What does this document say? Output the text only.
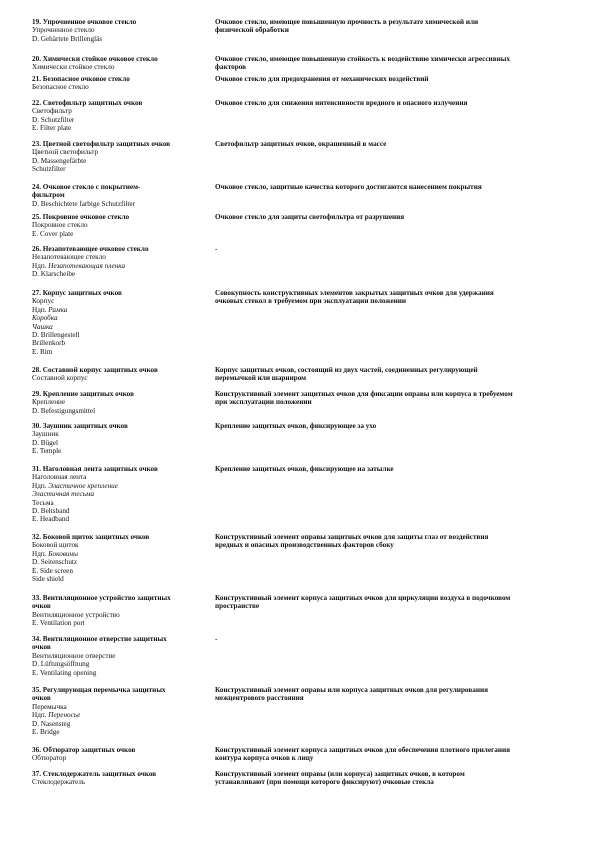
19. Упрочненное очковое стекло
Упрочненное стекло
D. Gehärtete Brillengläs
Очковое стекло, имеющее повышенную прочность в результате химической или
физической обработки
20. Химически стойкое очковое стекло
Химически стойкое стекло
Очковое стекло, имеющее повышенную стойкость к воздействию химически агрессивных
факторов
21. Безопасное очковое стекло
Безопасное стекло
Очковое стекло для предохранения от механических воздействий
22. Светофильтр защитных очков
Светофильтр
D. Schutzfilter
E. Filter plate
Очковое стекло для снижения интенсивности вредного и опасного излучения
23. Цветной светофильтр защитных очков
Цветной светофильтр
D. Massengefärbte
Schutzfilter
Светофильтр защитных очков, окрашенный в массе
24. Очковое стекло с покрытием-
фильтром
D. Beschichtete farbige Schutzfilter
Очковое стекло, защитные качества которого достигаются нанесением покрытия
25. Покровное очковое стекло
Покровное стекло
E. Cover plate
Очковое стекло для защиты светофильтра от разрушения
26. Незапотевающее очковое стекло
Незапотевающее стекло
Ндп. Незапотевающая пленка
D. Klarscheibe
-
27. Корпус защитных очков
Корпус
Ндп. Рамка
Коробка
Чашка
D. Brillengestell
Brillenkorb
E. Rim
Совокупность конструктивных элементов закрытых защитных очков для удержания
очковых стекол в требуемом при эксплуатации положении
28. Составной корпус защитных очков
Составной корпус
Корпус защитных очков, состоящий из двух частей, соединенных регулирующей
перемычкой или шарниром
29. Крепление защитных очков
Крепление
D. Befestigungsmittel
Конструктивный элемент защитных очков для фиксации оправы или корпуса в требуемом
при эксплуатации положении
30. Заушник защитных очков
Заушник
D. Bügel
E. Temple
Крепление защитных очков, фиксирующее за ухо
31. Наголовная лента защитных очков
Наголовная лента
Ндп. Эластичное крепление
Эластичная тесьма
Тесьма
D. Beltsband
E. Headband
Крепление защитных очков, фиксирующее на затылке
32. Боковой щиток защитных очков
Боковой щиток
Ндп. Боковины
D. Seitenschutz
E. Side screen
Side shield
Конструктивный элемент оправы защитных очков для защиты глаз от воздействия
вредных и опасных производственных факторов сбоку
33. Вентиляционное устройство защитных
очков
Вентиляционное устройство
E. Ventilation port
Конструктивный элемент корпуса защитных очков для циркуляции воздуха в подочковом
пространстве
34. Вентиляционное отверстие защитных
очков
Вентиляционное отверстие
D. Lüftungsöffnung
E. Ventilating opening
-
35. Регулирующая перемычка защитных
очков
Перемычка
Ндп. Переносье
D. Nasensteg
E. Bridge
Конструктивный элемент оправы или корпуса защитных очков для регулирования
межцентрового расстояния
36. Обтюратор защитных очков
Обтюратор
Конструктивный элемент корпуса защитных очков для обеспечения плотного прилегания
контура корпуса очков к лицу
37. Стеклодержатель защитных очков
Стеклодержатель
Конструктивный элемент оправы (или корпуса) защитных очков, в котором
устанавливают (при помощи которого фиксируют) очковые стекла
